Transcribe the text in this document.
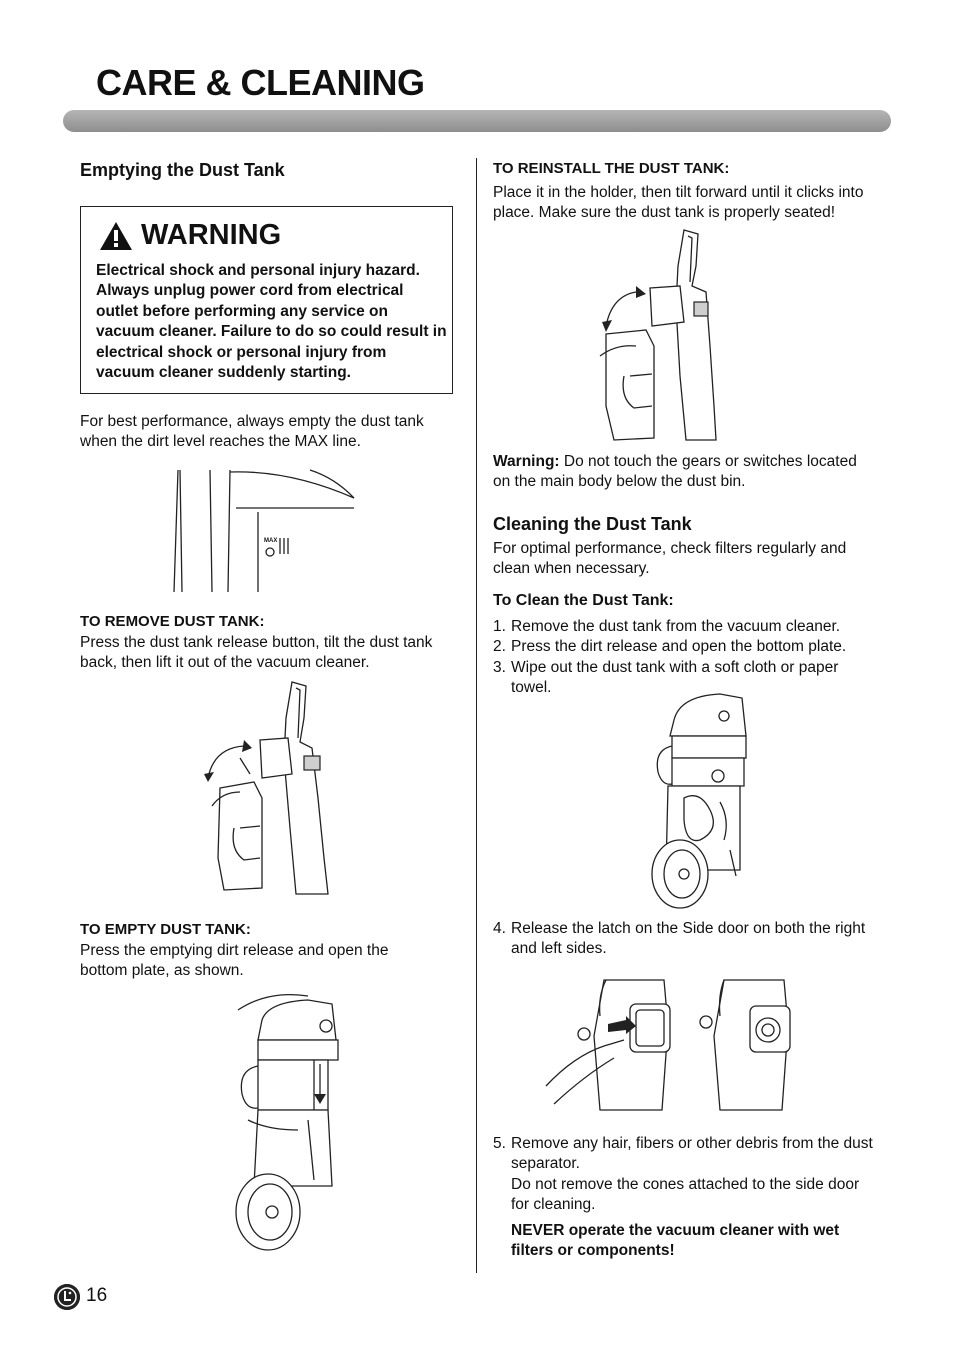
CARE & CLEANING
Emptying the Dust Tank
WARNING
Electrical shock and personal injury hazard. Always unplug power cord from electrical outlet before performing any service on vacuum cleaner. Failure to do so could result in electrical shock or personal injury from vacuum cleaner suddenly starting.
For best performance, always empty the dust tank when the dirt level reaches the MAX line.
MAX
TO REMOVE DUST TANK:
Press the dust tank release button, tilt the dust tank back, then lift it out of the vacuum cleaner.
TO EMPTY DUST TANK:
Press the emptying dirt release and open the bottom plate, as shown.
TO REINSTALL THE DUST TANK:
Place it in the holder, then tilt forward until it clicks into place. Make sure the dust tank is properly seated!
Warning: Do not touch the gears or switches located on the main body below the dust bin.
Cleaning the Dust Tank
For optimal performance, check filters regularly and clean when necessary.
To Clean the Dust Tank:
1. Remove the dust tank from the vacuum cleaner.
2. Press the dirt release and open the bottom plate.
3. Wipe out the dust tank with a soft cloth or paper towel.
4. Release the latch on the Side door on both the right and left sides.
5. Remove any hair, fibers or other debris from the dust separator.
Do not remove the cones attached to the side door for cleaning.
NEVER operate the vacuum cleaner with wet filters or components!
16
